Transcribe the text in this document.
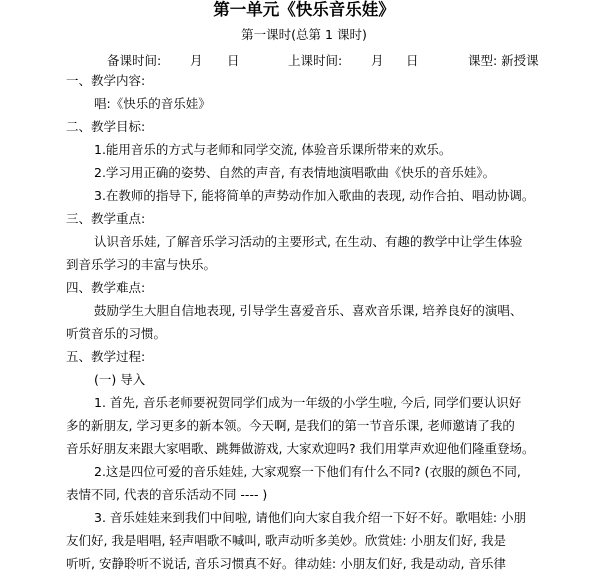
第一单元《快乐音乐娃》
第一课时(总第 1 课时)
备课时间: 月 日	上课时间: 月 日	课型: 新授课
一、教学内容:
唱:《快乐的音乐娃》
二、教学目标:
1.能用音乐的方式与老师和同学交流, 体验音乐课所带来的欢乐。
2.学习用正确的姿势、自然的声音, 有表情地演唱歌曲《快乐的音乐娃》。
3.在教师的指导下, 能将简单的声势动作加入歌曲的表现, 动作合拍、唱动协调。
三、教学重点:
认识音乐娃, 了解音乐学习活动的主要形式, 在生动、有趣的教学中让学生体验
到音乐学习的丰富与快乐。
四、教学难点:
鼓励学生大胆自信地表现, 引导学生喜爱音乐、喜欢音乐课, 培养良好的演唱、
听赏音乐的习惯。
五、教学过程:
(一) 导入
1. 首先, 音乐老师要祝贺同学们成为一年级的小学生啦, 今后, 同学们要认识好
多的新朋友, 学习更多的新本领。今天啊, 是我们的第一节音乐课, 老师邀请了我的
音乐好朋友来跟大家唱歌、跳舞做游戏, 大家欢迎吗? 我们用掌声欢迎他们隆重登场。
2.这是四位可爱的音乐娃娃, 大家观察一下他们有什么不同? (衣服的颜色不同,
表情不同, 代表的音乐活动不同 ---- )
3. 音乐娃娃来到我们中间啦, 请他们向大家自我介绍一下好不好。歌唱娃: 小朋
友们好, 我是唱唱, 轻声唱歌不喊叫, 歌声动听多美妙。欣赏娃: 小朋友们好, 我是
听听, 安静聆听不说话, 音乐习惯真不好。律动娃: 小朋友们好, 我是动动, 音乐律
